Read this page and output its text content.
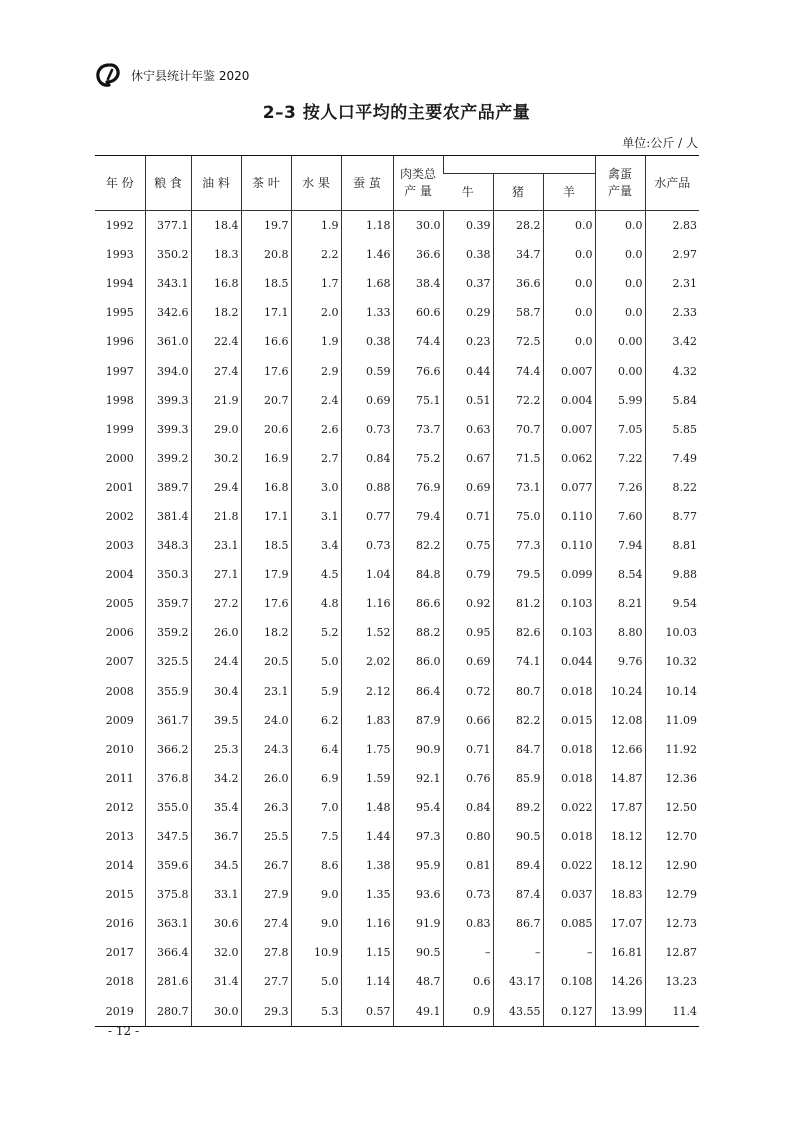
休宁县统计年鉴 2020
2–3 按人口平均的主要农产品产量
单位:公斤 / 人
年 份	粮 食	油 料	茶 叶	水 果	蚕 茧	肉类总产 量				禽蛋产量	水产品
							牛	猪	羊		
1992	377.1	18.4	19.7	1.9	1.18	30.0	0.39	28.2	0.0	0.0	2.83
1993	350.2	18.3	20.8	2.2	1.46	36.6	0.38	34.7	0.0	0.0	2.97
1994	343.1	16.8	18.5	1.7	1.68	38.4	0.37	36.6	0.0	0.0	2.31
1995	342.6	18.2	17.1	2.0	1.33	60.6	0.29	58.7	0.0	0.0	2.33
1996	361.0	22.4	16.6	1.9	0.38	74.4	0.23	72.5	0.0	0.00	3.42
1997	394.0	27.4	17.6	2.9	0.59	76.6	0.44	74.4	0.007	0.00	4.32
1998	399.3	21.9	20.7	2.4	0.69	75.1	0.51	72.2	0.004	5.99	5.84
1999	399.3	29.0	20.6	2.6	0.73	73.7	0.63	70.7	0.007	7.05	5.85
2000	399.2	30.2	16.9	2.7	0.84	75.2	0.67	71.5	0.062	7.22	7.49
2001	389.7	29.4	16.8	3.0	0.88	76.9	0.69	73.1	0.077	7.26	8.22
2002	381.4	21.8	17.1	3.1	0.77	79.4	0.71	75.0	0.110	7.60	8.77
2003	348.3	23.1	18.5	3.4	0.73	82.2	0.75	77.3	0.110	7.94	8.81
2004	350.3	27.1	17.9	4.5	1.04	84.8	0.79	79.5	0.099	8.54	9.88
2005	359.7	27.2	17.6	4.8	1.16	86.6	0.92	81.2	0.103	8.21	9.54
2006	359.2	26.0	18.2	5.2	1.52	88.2	0.95	82.6	0.103	8.80	10.03
2007	325.5	24.4	20.5	5.0	2.02	86.0	0.69	74.1	0.044	9.76	10.32
2008	355.9	30.4	23.1	5.9	2.12	86.4	0.72	80.7	0.018	10.24	10.14
2009	361.7	39.5	24.0	6.2	1.83	87.9	0.66	82.2	0.015	12.08	11.09
2010	366.2	25.3	24.3	6.4	1.75	90.9	0.71	84.7	0.018	12.66	11.92
2011	376.8	34.2	26.0	6.9	1.59	92.1	0.76	85.9	0.018	14.87	12.36
2012	355.0	35.4	26.3	7.0	1.48	95.4	0.84	89.2	0.022	17.87	12.50
2013	347.5	36.7	25.5	7.5	1.44	97.3	0.80	90.5	0.018	18.12	12.70
2014	359.6	34.5	26.7	8.6	1.38	95.9	0.81	89.4	0.022	18.12	12.90
2015	375.8	33.1	27.9	9.0	1.35	93.6	0.73	87.4	0.037	18.83	12.79
2016	363.1	30.6	27.4	9.0	1.16	91.9	0.83	86.7	0.085	17.07	12.73
2017	366.4	32.0	27.8	10.9	1.15	90.5	–	–	–	16.81	12.87
2018	281.6	31.4	27.7	5.0	1.14	48.7	0.6	43.17	0.108	14.26	13.23
2019	280.7	30.0	29.3	5.3	0.57	49.1	0.9	43.55	0.127	13.99	11.4
- 12 -
